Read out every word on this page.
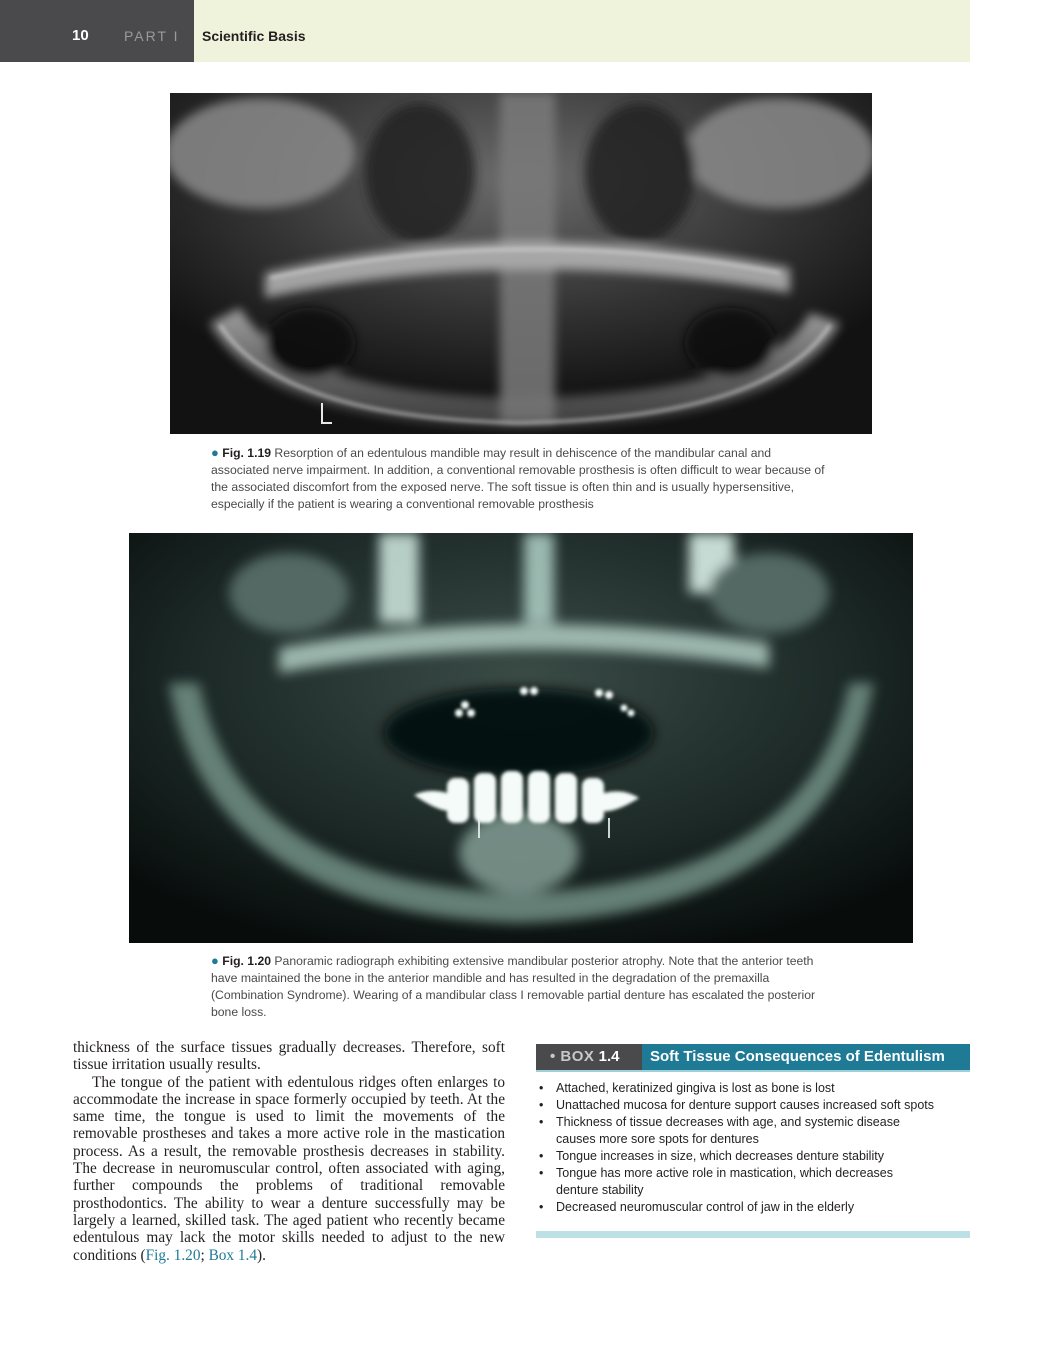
10	PART I Scientific Basis

● Fig. 1.19 Resorption of an edentulous mandible may result in dehiscence of the mandibular canal and associated nerve impairment. In addition, a conventional removable prosthesis is often difficult to wear because of the associated discomfort from the exposed nerve. The soft tissue is often thin and is usually hypersensitive, especially if the patient is wearing a conventional removable prosthesis

● Fig. 1.20 Panoramic radiograph exhibiting extensive mandibular posterior atrophy. Note that the anterior teeth have maintained the bone in the anterior mandible and has resulted in the degradation of the premaxilla (Combination Syndrome). Wearing of a mandibular class I removable partial denture has escalated the posterior bone loss.

thickness of the surface tissues gradually decreases. Therefore, soft tissue irritation usually results.

The tongue of the patient with edentulous ridges often enlarges to accommodate the increase in space formerly occupied by teeth. At the same time, the tongue is used to limit the movements of the removable prostheses and takes a more active role in the mastication process. As a result, the removable prosthesis decreases in stability. The decrease in neuromuscular control, often associated with aging, further compounds the problems of traditional removable prosthodontics. The ability to wear a denture successfully may be largely a learned, skilled task. The aged patient who recently became edentulous may lack the motor skills needed to adjust to the new conditions (Fig. 1.20; Box 1.4).

• BOX 1.4	Soft Tissue Consequences of Edentulism
• Attached, keratinized gingiva is lost as bone is lost
• Unattached mucosa for denture support causes increased soft spots
• Thickness of tissue decreases with age, and systemic disease causes more sore spots for dentures
• Tongue increases in size, which decreases denture stability
• Tongue has more active role in mastication, which decreases denture stability
• Decreased neuromuscular control of jaw in the elderly
